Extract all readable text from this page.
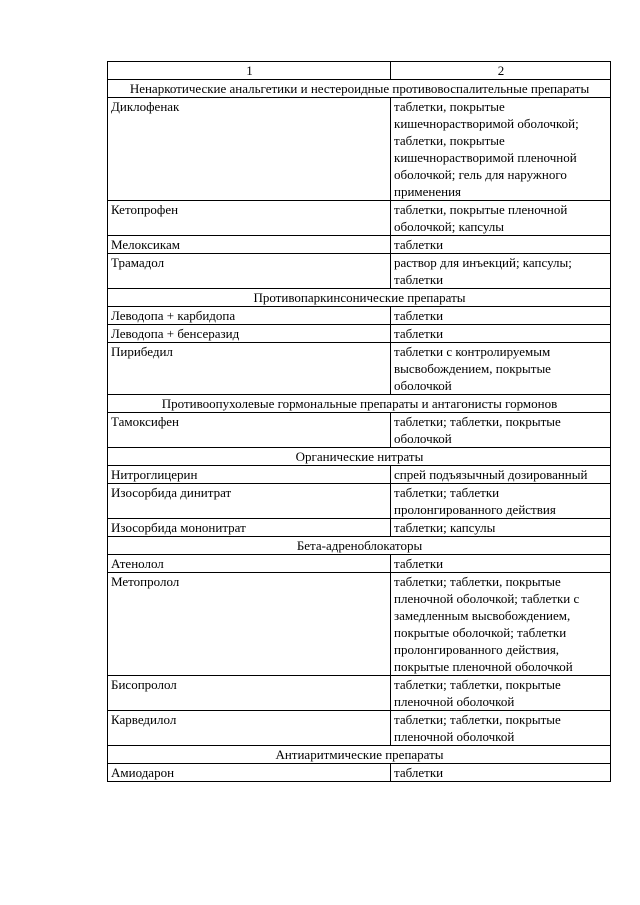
1	2
Ненаркотические анальгетики и нестероидные противовоспалительные препараты	
Диклофенак	таблетки, покрытые кишечнорастворимой оболочкой; таблетки, покрытые кишечнорастворимой пленочной оболочкой; гель для наружного применения
Кетопрофен	таблетки, покрытые пленочной оболочкой; капсулы
Мелоксикам	таблетки
Трамадол	раствор для инъекций; капсулы; таблетки
Противопаркинсонические препараты	
Леводопа + карбидопа	таблетки
Леводопа + бенсеразид	таблетки
Пирибедил	таблетки с контролируемым высвобождением, покрытые оболочкой
Противоопухолевые гормональные препараты и антагонисты гормонов	
Тамоксифен	таблетки; таблетки, покрытые оболочкой
Органические нитраты	
Нитроглицерин	спрей подъязычный дозированный
Изосорбида динитрат	таблетки; таблетки пролонгированного действия
Изосорбида мононитрат	таблетки; капсулы
Бета-адреноблокаторы	
Атенолол	таблетки
Метопролол	таблетки; таблетки, покрытые пленочной оболочкой; таблетки с замедленным высвобождением, покрытые оболочкой; таблетки пролонгированного действия, покрытые пленочной оболочкой
Бисопролол	таблетки; таблетки, покрытые пленочной оболочкой
Карведилол	таблетки; таблетки, покрытые пленочной оболочкой
Антиаритмические препараты	
Амиодарон	таблетки
